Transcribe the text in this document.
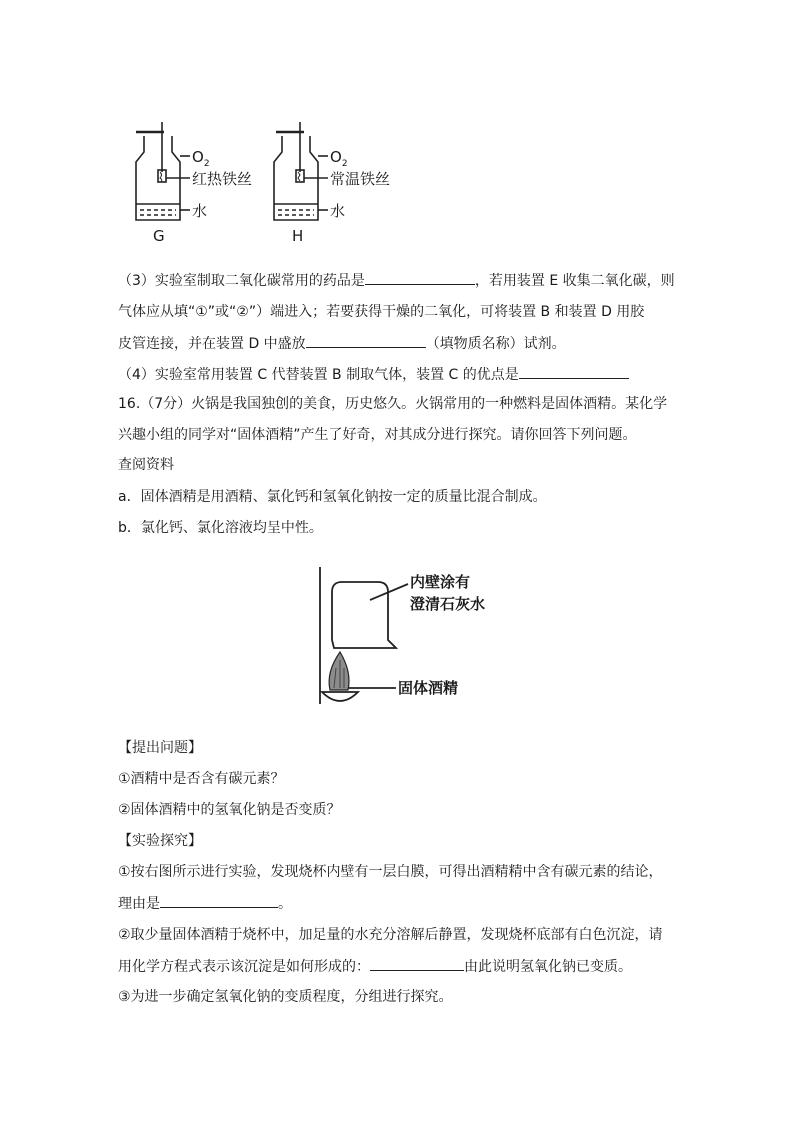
$O_2$
红热铁丝
水
G
$O_2$
常温铁丝
水
H
（3）实验室制取二氧化碳常用的药品是	，若用装置 E 收集二氧化碳，则
气体应从填“①”或“②”）端进入；若要获得干燥的二氧化，可将装置 B 和装置 D 用胶
皮管连接，并在装置 D 中盛放	（填物质名称）试剂。
（4）实验室常用装置 C 代替装置 B 制取气体，装置 C 的优点是
16.（7分）火锅是我国独创的美食，历史悠久。火锅常用的一种燃料是固体酒精。某化学
兴趣小组的同学对“固体酒精”产生了好奇，对其成分进行探究。请你回答下列问题。
查阅资料
a．固体酒精是用酒精、氯化钙和氢氧化钠按一定的质量比混合制成。
b．氯化钙、氯化溶液均呈中性。
内壁涂有
澄清石灰水
固体酒精
【提出问题】
①酒精中是否含有碳元素？
②固体酒精中的氢氧化钠是否变质？
【实验探究】
①按右图所示进行实验，发现烧杯内壁有一层白膜，可得出酒精精中含有碳元素的结论，
理由是	。
②取少量固体酒精于烧杯中，加足量的水充分溶解后静置，发现烧杯底部有白色沉淀，请
用化学方程式表示该沉淀是如何形成的：	由此说明氢氧化钠已变质。
③为进一步确定氢氧化钠的变质程度，分组进行探究。
